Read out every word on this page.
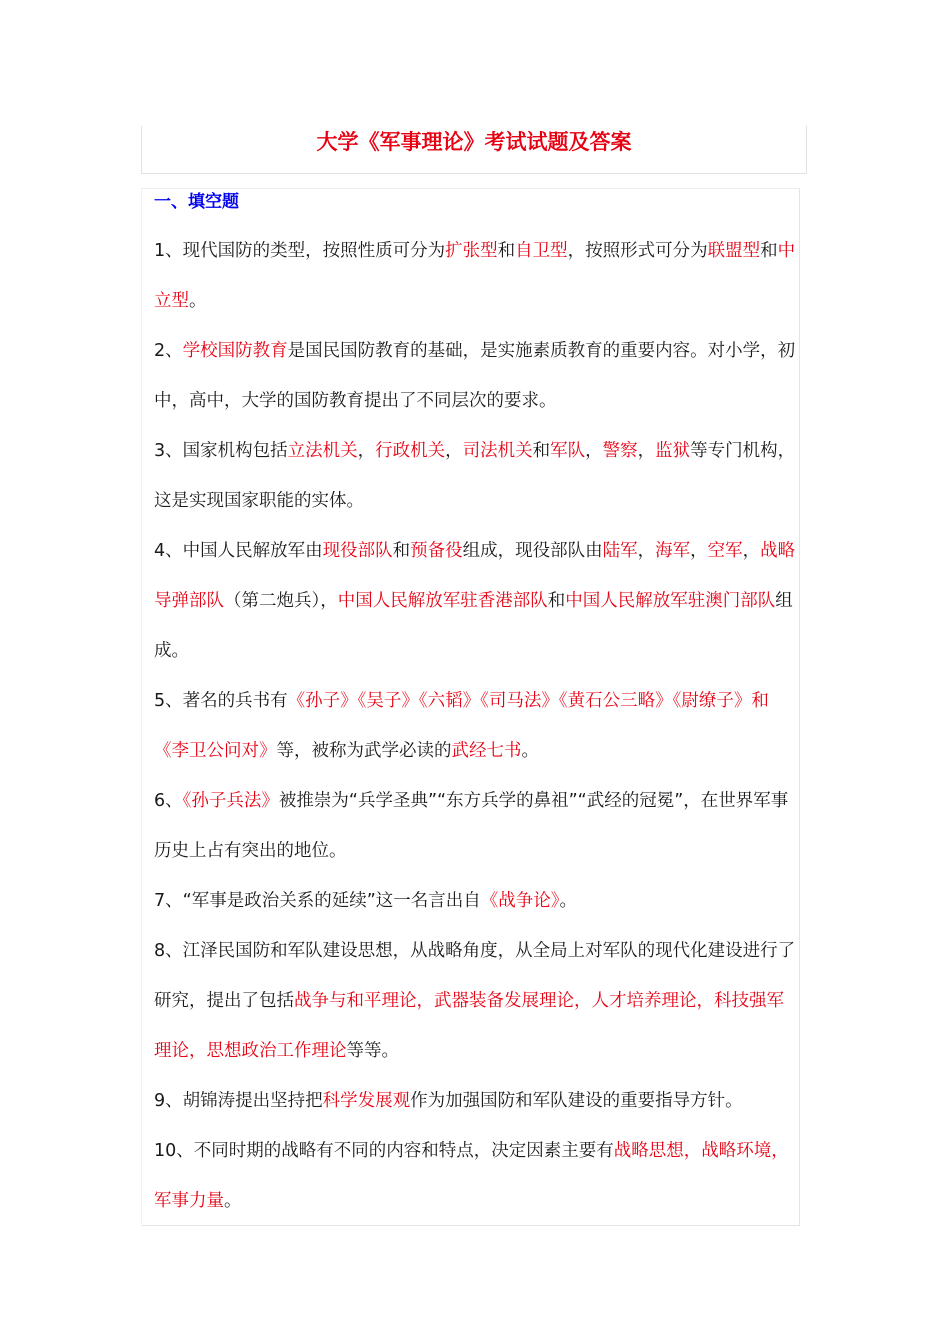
大学《军事理论》考试试题及答案
一、填空题
1、现代国防的类型，按照性质可分为扩张型和自卫型，按照形式可分为联盟型和中立型。
2、学校国防教育是国民国防教育的基础，是实施素质教育的重要内容。对小学，初中，高中，大学的国防教育提出了不同层次的要求。
3、国家机构包括立法机关，行政机关，司法机关和军队，警察，监狱等专门机构，这是实现国家职能的实体。
4、中国人民解放军由现役部队和预备役组成，现役部队由陆军，海军，空军，战略导弹部队（第二炮兵），中国人民解放军驻香港部队和中国人民解放军驻澳门部队组成。
5、著名的兵书有《孙子》《吴子》《六韬》《司马法》《黄石公三略》《尉缭子》和《李卫公问对》等，被称为武学必读的武经七书。
6、《孙子兵法》被推崇为“兵学圣典”“东方兵学的鼻祖”“武经的冠冕”，在世界军事历史上占有突出的地位。
7、“军事是政治关系的延续”这一名言出自《战争论》。
8、江泽民国防和军队建设思想，从战略角度，从全局上对军队的现代化建设进行了研究，提出了包括战争与和平理论，武器装备发展理论，人才培养理论，科技强军理论，思想政治工作理论等等。
9、胡锦涛提出坚持把科学发展观作为加强国防和军队建设的重要指导方针。
10、不同时期的战略有不同的内容和特点，决定因素主要有战略思想，战略环境，军事力量。
